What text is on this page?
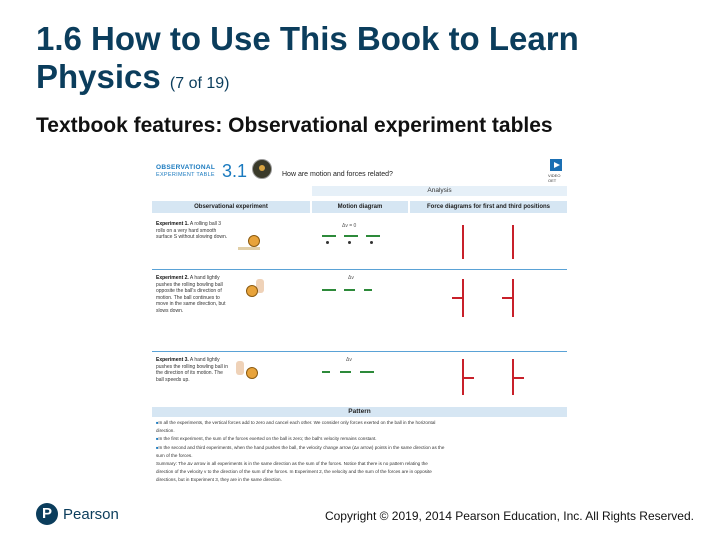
1.6 How to Use This Book to Learn Physics (7 of 19)
Textbook features: Observational experiment tables
OBSERVATIONAL
EXPERIMENT TABLE 3.1	How are motion and forces related?	VIDEO OET
Analysis
Observational experiment	Motion diagram	Force diagrams for first and third positions
Experiment 1. A rolling ball 3 rolls on a very hard smooth surface S without slowing down.
Δv = 0
Experiment 2. A hand lightly pushes the rolling bowling ball opposite the ball's direction of motion. The ball continues to move in the same direction, but slows down.
Δv
Experiment 3. A hand lightly pushes the rolling bowling ball in the direction of its motion. The ball speeds up.
Δv
Pattern
■ In all the experiments, the vertical forces add to zero and cancel each other. We consider only forces exerted on the ball in the horizontal
direction.
■ In the first experiment, the sum of the forces exerted on the ball is zero; the ball's velocity remains constant.
■ In the second and third experiments, when the hand pushes the ball, the velocity change arrow (Δv arrow) points in the same direction as the
sum of the forces.
Summary: The Δv arrow in all experiments is in the same direction as the sum of the forces. Notice that there is no pattern relating the
direction of the velocity v to the direction of the sum of the forces. In Experiment 2, the velocity and the sum of the forces are in opposite
directions, but in Experiment 3, they are in the same direction.
P Pearson	Copyright © 2019, 2014 Pearson Education, Inc. All Rights Reserved.
